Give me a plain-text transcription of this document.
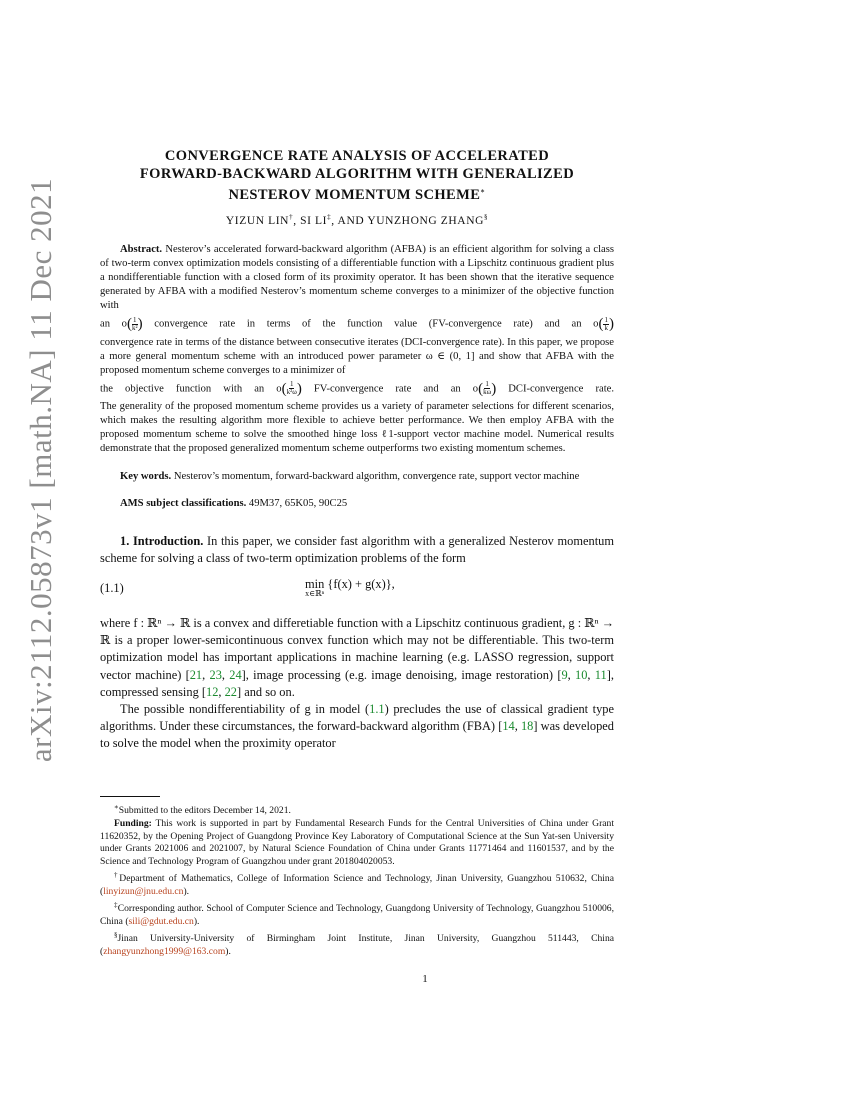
arXiv:2112.05873v1 [math.NA] 11 Dec 2021
CONVERGENCE RATE ANALYSIS OF ACCELERATED
FORWARD-BACKWARD ALGORITHM WITH GENERALIZED
NESTEROV MOMENTUM SCHEME∗
YIZUN LIN†, SI LI‡, AND YUNZHONG ZHANG§

Abstract. Nesterov’s accelerated forward-backward algorithm (AFBA) is an efficient algorithm for solving a class of two-term convex optimization models consisting of a differentiable function with a Lipschitz continuous gradient plus a nondifferentiable function with a closed form of its proximity operator. It has been shown that the iterative sequence generated by AFBA with a modified Nesterov’s momentum scheme converges to a minimizer of the objective function with

an $o( \frac{1}{\text{k²}}$ ) convergence rate in terms of the function value (FV-convergence rate) and an $o( \frac{1}{k}$ )

convergence rate in terms of the distance between consecutive iterates (DCI-convergence rate). In this paper, we propose a more general momentum scheme with an introduced power parameter ω ∈ (0, 1] and show that AFBA with the proposed momentum scheme converges to a minimizer of

the objective function with an $o( \frac{1}{\text{k²ω}}$ ) FV-convergence rate and an $o( \frac{1}{k\omega}$ ) DCI-convergence rate.

The generality of the proposed momentum scheme provides us a variety of parameter selections for different scenarios, which makes the resulting algorithm more flexible to achieve better performance. We then employ AFBA with the proposed momentum scheme to solve the smoothed hinge loss ℓ1-support vector machine model. Numerical results demonstrate that the proposed generalized momentum scheme outperforms two existing momentum schemes.

Key words. Nesterov’s momentum, forward-backward algorithm, convergence rate, support vector machine
AMS subject classifications. 49M37, 65K05, 90C25
1. Introduction. In this paper, we consider fast algorithm with a generalized Nesterov momentum scheme for solving a class of two-term optimization problems of the form
(1.1)	min
x∈ℝⁿ
{f(x) + g(x)},
where f : ℝⁿ → ℝ is a convex and differetiable function with a Lipschitz continuous gradient, g : ℝⁿ → ℝ is a proper lower-semicontinuous convex function which may not be differentiable. This two-term optimization model has important applications in machine learning (e.g. LASSO regression, support vector machine) [21, 23, 24], image processing (e.g. image denoising, image restoration) [9, 10, 11], compressed sensing [12, 22] and so on.
The possible nondifferentiability of g in model (1.1) precludes the use of classical gradient type algorithms. Under these circumstances, the forward-backward algorithm (FBA) [14, 18] was developed to solve the model when the proximity operator

∗Submitted to the editors December 14, 2021.

Funding: This work is supported in part by Fundamental Research Funds for the Central Universities of China under Grant 11620352, by the Opening Project of Guangdong Province Key Laboratory of Computational Science at the Sun Yat-sen University under Grants 2021006 and 2021007, by Natural Science Foundation of China under Grants 11771464 and 11601537, and by the Science and Technology Program of Guangzhou under grant 201804020053.

†Department of Mathematics, College of Information Science and Technology, Jinan University, Guangzhou 510632, China (linyizun@jnu.edu.cn).

‡Corresponding author. School of Computer Science and Technology, Guangdong University of Technology, Guangzhou 510006, China (sili@gdut.edu.cn).

§Jinan University-University of Birmingham Joint Institute, Jinan University, Guangzhou 511443, China (zhangyunzhong1999@163.com).

1
